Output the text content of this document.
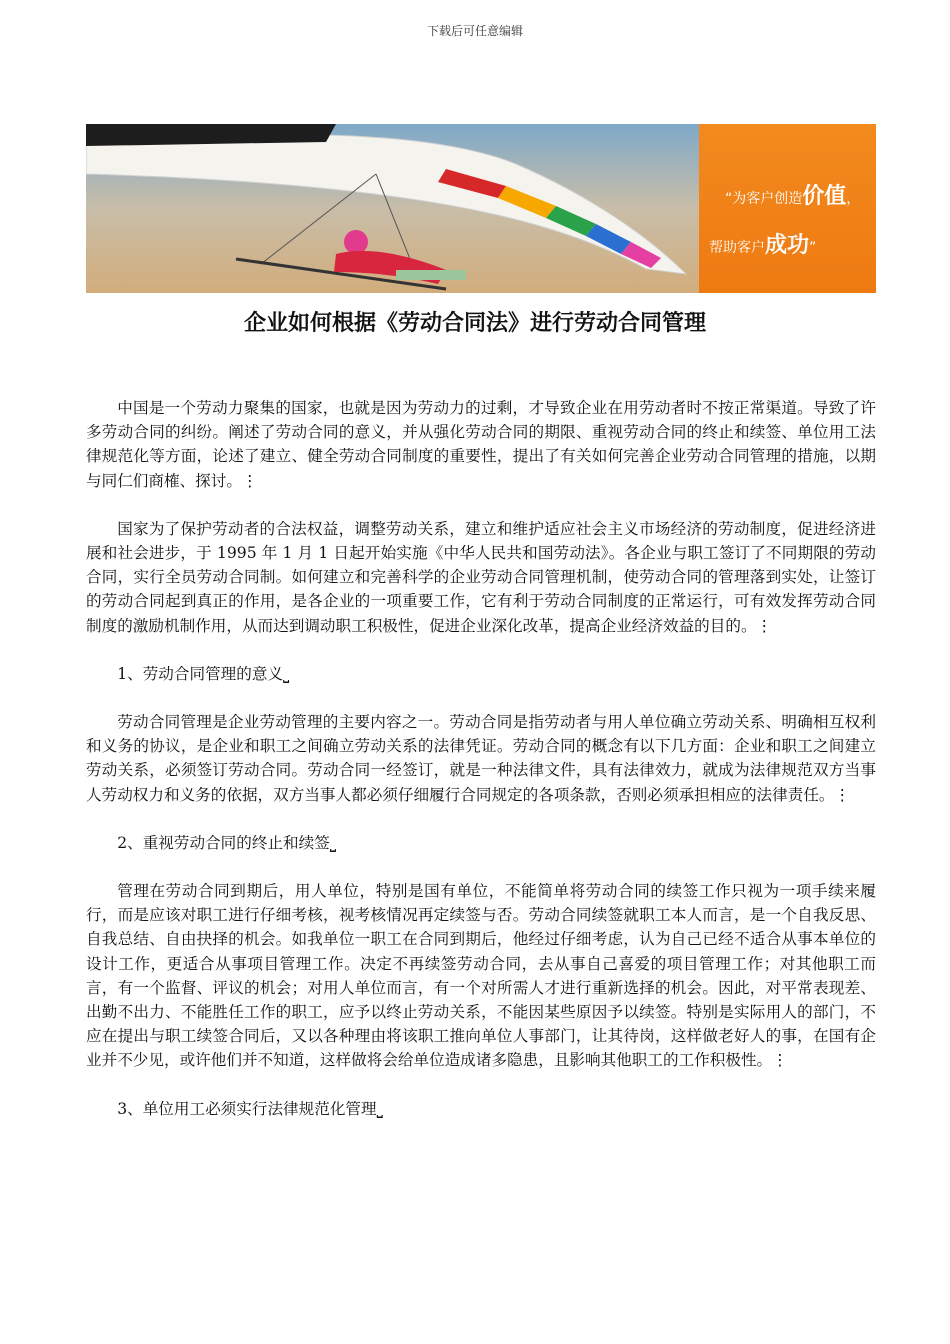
下载后可任意编辑
“为客户创造价值，
帮助客户成功”
企业如何根据《劳动合同法》进行劳动合同管理

中国是一个劳动力聚集的国家，也就是因为劳动力的过剩，才导致企业在用劳动者时不按正常渠道。导致了许多劳动合同的纠纷。阐述了劳动合同的意义，并从强化劳动合同的期限、重视劳动合同的终止和续签、单位用工法律规范化等方面，论述了建立、健全劳动合同制度的重要性，提出了有关如何完善企业劳动合同管理的措施，以期与同仁们商榷、探讨。⋮

国家为了保护劳动者的合法权益，调整劳动关系，建立和维护适应社会主义市场经济的劳动制度，促进经济进展和社会进步，于 1995 年 1 月 1 日起开始实施《中华人民共和国劳动法》。各企业与职工签订了不同期限的劳动合同，实行全员劳动合同制。如何建立和完善科学的企业劳动合同管理机制，使劳动合同的管理落到实处，让签订的劳动合同起到真正的作用，是各企业的一项重要工作，它有利于劳动合同制度的正常运行，可有效发挥劳动合同制度的激励机制作用，从而达到调动职工积极性，促进企业深化改革，提高企业经济效益的目的。⋮

1、劳动合同管理的意义⎵

劳动合同管理是企业劳动管理的主要内容之一。劳动合同是指劳动者与用人单位确立劳动关系、明确相互权利和义务的协议，是企业和职工之间确立劳动关系的法律凭证。劳动合同的概念有以下几方面：企业和职工之间建立劳动关系，必须签订劳动合同。劳动合同一经签订，就是一种法律文件，具有法律效力，就成为法律规范双方当事人劳动权力和义务的依据，双方当事人都必须仔细履行合同规定的各项条款，否则必须承担相应的法律责任。⋮

2、重视劳动合同的终止和续签⎵

管理在劳动合同到期后，用人单位，特别是国有单位，不能简单将劳动合同的续签工作只视为一项手续来履行，而是应该对职工进行仔细考核，视考核情况再定续签与否。劳动合同续签就职工本人而言，是一个自我反思、自我总结、自由抉择的机会。如我单位一职工在合同到期后，他经过仔细考虑，认为自己已经不适合从事本单位的设计工作，更适合从事项目管理工作。决定不再续签劳动合同，去从事自己喜爱的项目管理工作；对其他职工而言，有一个监督、评议的机会；对用人单位而言，有一个对所需人才进行重新选择的机会。因此，对平常表现差、出勤不出力、不能胜任工作的职工，应予以终止劳动关系，不能因某些原因予以续签。特别是实际用人的部门，不应在提出与职工续签合同后，又以各种理由将该职工推向单位人事部门，让其待岗，这样做老好人的事，在国有企业并不少见，或许他们并不知道，这样做将会给单位造成诸多隐患，且影响其他职工的工作积极性。⋮

3、单位用工必须实行法律规范化管理⎵
